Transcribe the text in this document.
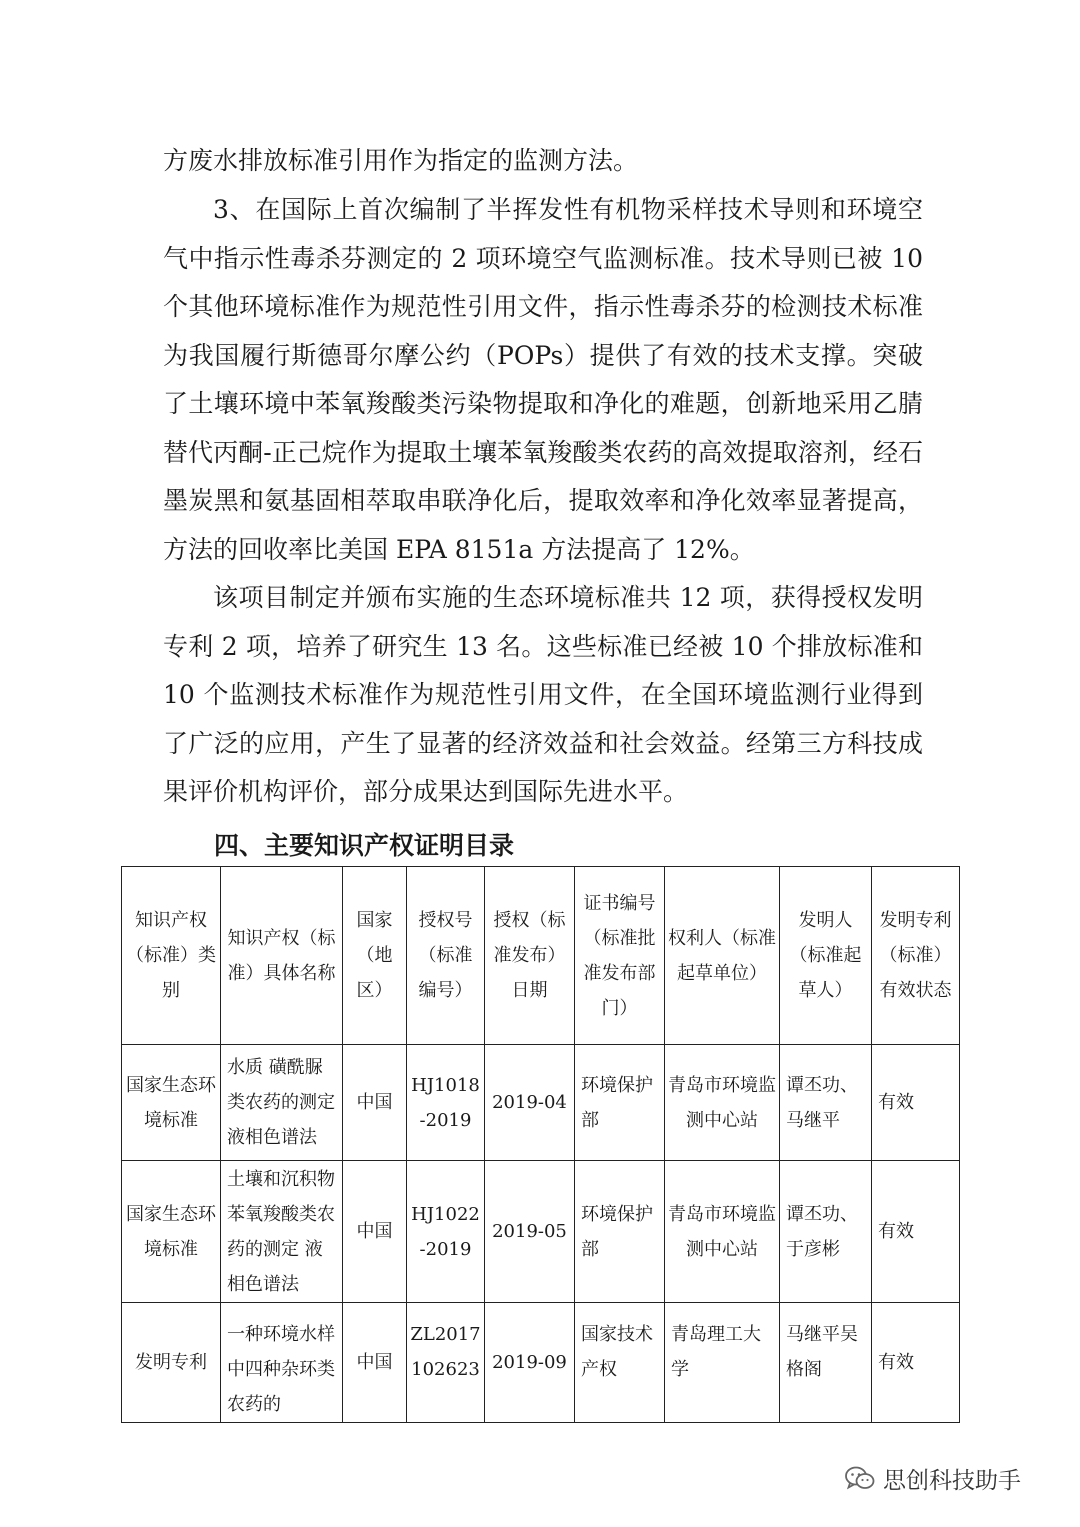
方废水排放标准引用作为指定的监测方法。

3、在国际上首次编制了半挥发性有机物采样技术导则和环境空气中指示性毒杀芬测定的 2 项环境空气监测标准。技术导则已被 10 个其他环境标准作为规范性引用文件，指示性毒杀芬的检测技术标准为我国履行斯德哥尔摩公约（POPs）提供了有效的技术支撑。突破了土壤环境中苯氧羧酸类污染物提取和净化的难题，创新地采用乙腈替代丙酮-正己烷作为提取土壤苯氧羧酸类农药的高效提取溶剂，经石墨炭黑和氨基固相萃取串联净化后，提取效率和净化效率显著提高，方法的回收率比美国 EPA 8151a 方法提高了 12%。

该项目制定并颁布实施的生态环境标准共 12 项，获得授权发明专利 2 项，培养了研究生 13 名。这些标准已经被 10 个排放标准和 10 个监测技术标准作为规范性引用文件，在全国环境监测行业得到了广泛的应用，产生了显著的经济效益和社会效益。经第三方科技成果评价机构评价，部分成果达到国际先进水平。

四、主要知识产权证明目录
知识产权（标准）类别	知识产权（标准）具体名称	国家（地区）	授权号（标准编号）	授权（标准发布）日期	证书编号（标准批准发布部门）	权利人（标准起草单位）	发明人（标准起草人）	发明专利（标准）有效状态
国家生态环境标准	水质 磺酰脲类农药的测定 液相色谱法	中国	HJ1018-2019	2019-04	环境保护部	青岛市环境监测中心站	谭丕功、马继平	有效
国家生态环境标准	土壤和沉积物 苯氧羧酸类农药的测定 液相色谱法	中国	HJ1022-2019	2019-05	环境保护部	青岛市环境监测中心站	谭丕功、于彦彬	有效
发明专利	一种环境水样中四种杂环类农药的	中国	ZL2017102623	2019-09	国家技术产权	青岛理工大学	马继平吴格阁	有效
思创科技助手
